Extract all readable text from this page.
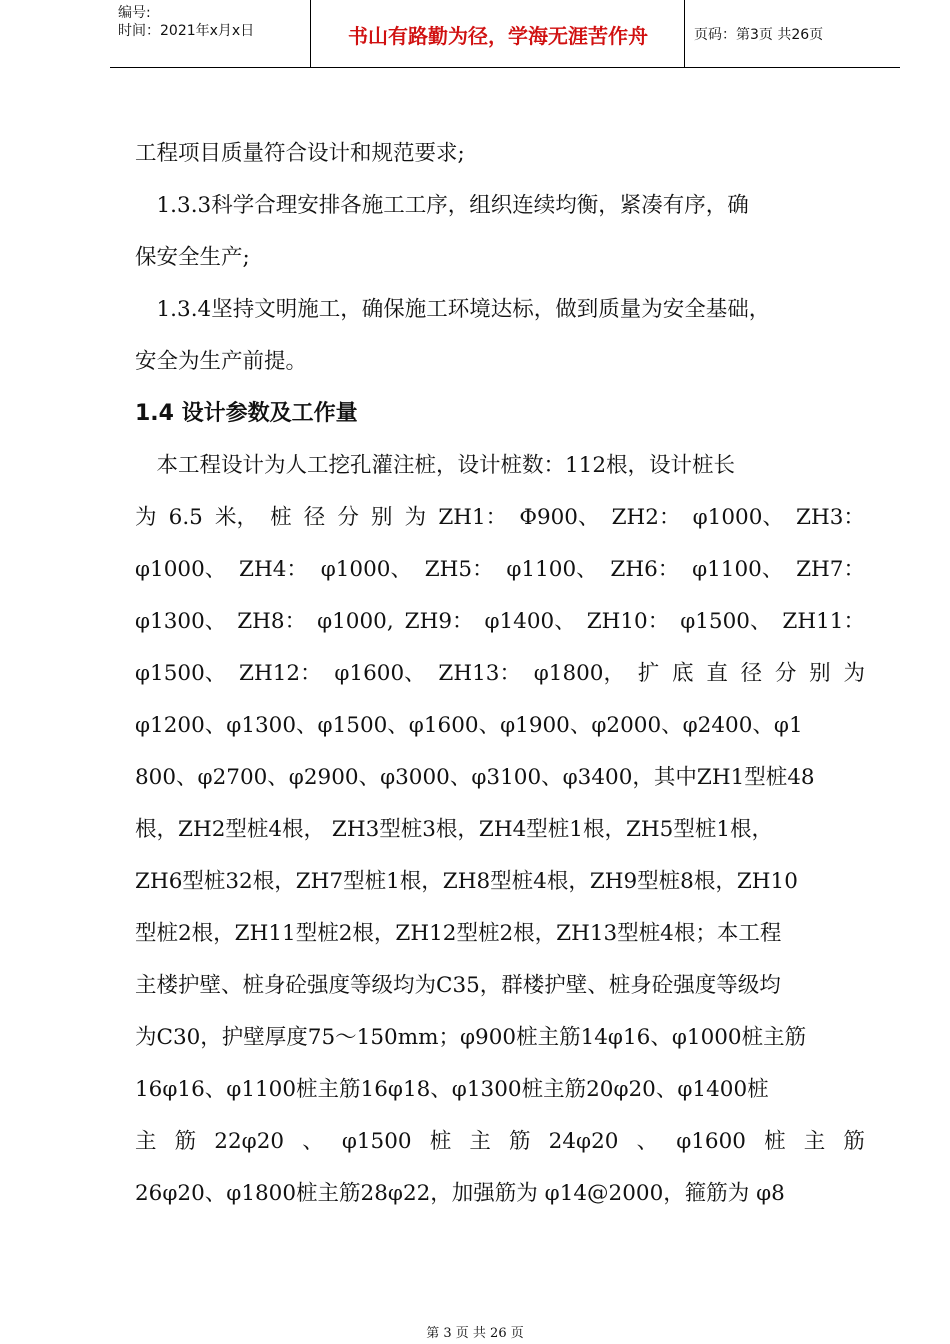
编号:
时间：2021年x月x日	书山有路勤为径，学海无涯苦作舟	页码：第3页 共26页
工程项目质量符合设计和规范要求;
　1.3.3科学合理安排各施工工序，组织连续均衡，紧凑有序，确
保安全生产;
　1.3.4坚持文明施工，确保施工环境达标，做到质量为安全基础，
安全为生产前提。
1.4 设计参数及工作量
　本工程设计为人工挖孔灌注桩，设计桩数：112根，设计桩长
为 6.5 米， 桩 径 分 别 为 ZH1： Φ900、 ZH2： φ1000、 ZH3：
φ1000、 ZH4： φ1000、 ZH5： φ1100、 ZH6： φ1100、 ZH7：
φ1300、 ZH8： φ1000, ZH9： φ1400、 ZH10： φ1500、 ZH11：
φ1500、 ZH12： φ1600、 ZH13： φ1800， 扩 底 直 径 分 别 为
φ1200、φ1300、φ1500、φ1600、φ1900、φ2000、φ2400、φ1
800、φ2700、φ2900、φ3000、φ3100、φ3400，其中ZH1型桩48
根，ZH2型桩4根， ZH3型桩3根，ZH4型桩1根，ZH5型桩1根，
ZH6型桩32根，ZH7型桩1根，ZH8型桩4根，ZH9型桩8根，ZH10
型桩2根，ZH11型桩2根，ZH12型桩2根，ZH13型桩4根；本工程
主楼护壁、桩身砼强度等级均为C35，群楼护壁、桩身砼强度等级均
为C30，护壁厚度75～150mm；φ900桩主筋14φ16、φ1000桩主筋
16φ16、φ1100桩主筋16φ18、φ1300桩主筋20φ20、φ1400桩
主 筋 22φ20 、 φ1500 桩 主 筋 24φ20 、 φ1600 桩 主 筋
26φ20、φ1800桩主筋28φ22，加强筋为 φ14@2000，箍筋为 φ8
第 3 页 共 26 页
